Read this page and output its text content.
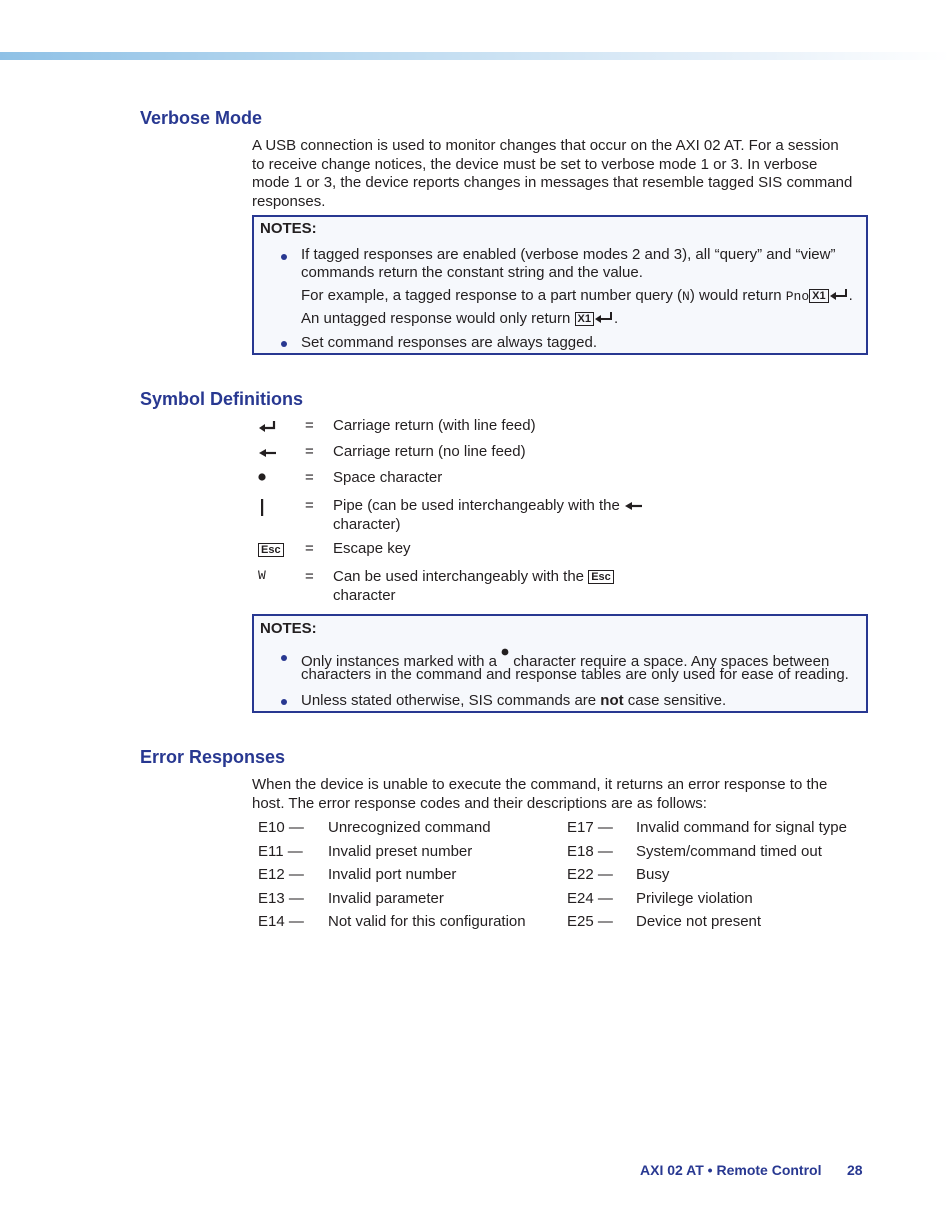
Verbose Mode
A USB connection is used to monitor changes that occur on the AXI 02 AT. For a session
to receive change notices, the device must be set to verbose mode 1 or 3. In verbose
mode 1 or 3, the device reports changes in messages that resemble tagged SIS command
responses.
NOTES:
If tagged responses are enabled (verbose modes 2 and 3), all “query” and “view”
commands return the constant string and the value.
For example, a tagged response to a part number query (N) would return Pno X1 .
An untagged response would only return X1 .
Set command responses are always tagged.
Symbol Definitions
= Carriage return (with line feed)
= Carriage return (no line feed)
= Space character
= Pipe (can be used interchangeably with the
character)
Esc = Escape key
W	= Can be used interchangeably with the Esc
character
NOTES:
Only instances marked with a character require a space. Any spaces between
characters in the command and response tables are only used for ease of reading.
Unless stated otherwise, SIS commands are not case sensitive.
Error Responses
When the device is unable to execute the command, it returns an error response to the
host. The error response codes and their descriptions are as follows:
E10 — Unrecognized command	E17 — Invalid command for signal type
E11 — Invalid preset number	E18 — System/command timed out
E12 — Invalid port number	E22 — Busy
E13 — Invalid parameter	E24 — Privilege violation
E14 — Not valid for this configuration	E25 — Device not present
AXI 02 AT • Remote Control 28
